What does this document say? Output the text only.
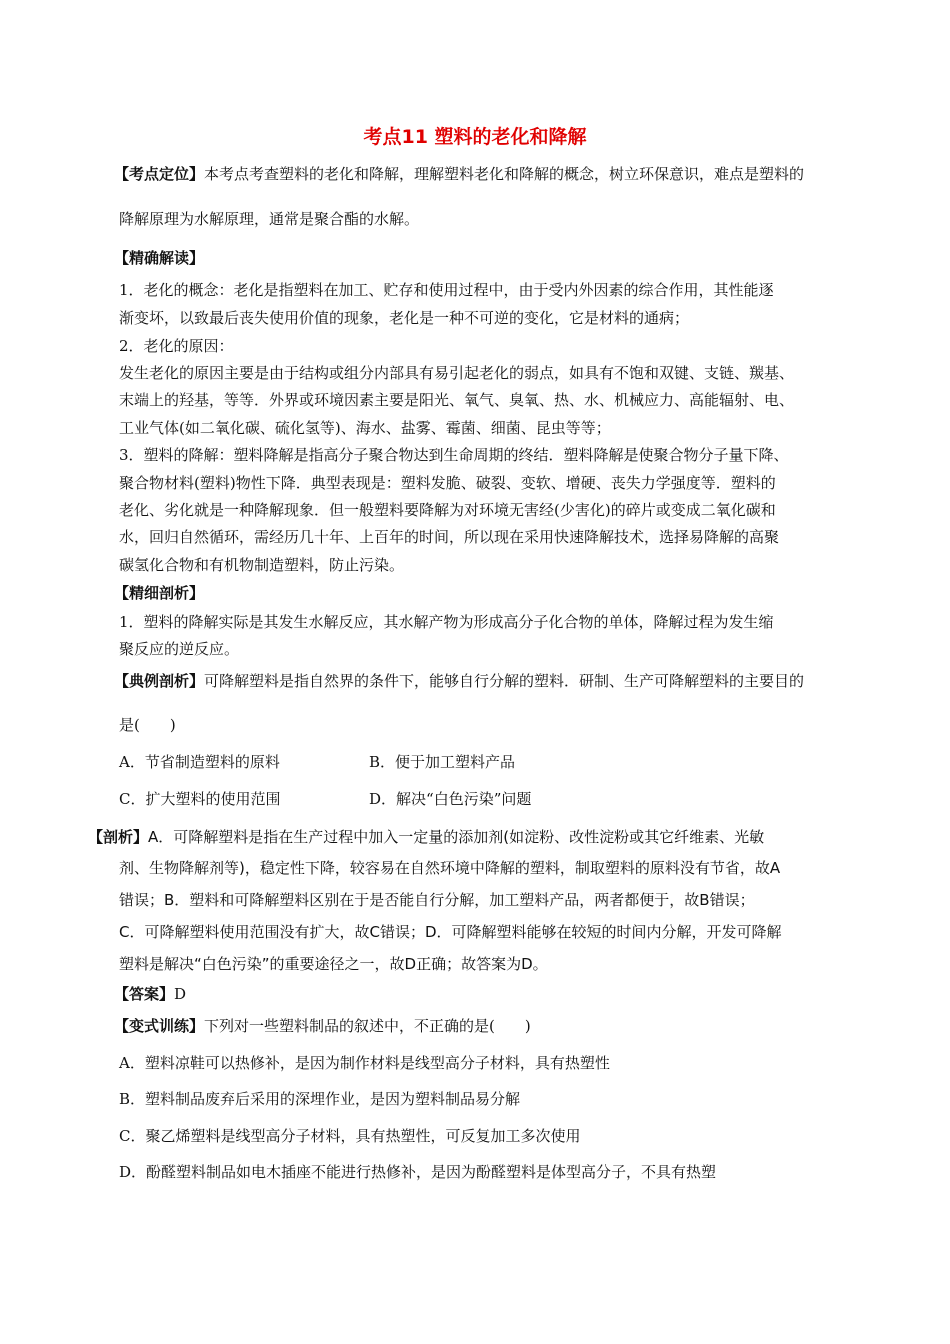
考点11 塑料的老化和降解
【考点定位】本考点考查塑料的老化和降解，理解塑料老化和降解的概念，树立环保意识，难点是塑料的
降解原理为水解原理，通常是聚合酯的水解。
【精确解读】
1．老化的概念：老化是指塑料在加工、贮存和使用过程中，由于受内外因素的综合作用，其性能逐
渐变坏，以致最后丧失使用价值的现象，老化是一种不可逆的变化，它是材料的通病；
2．老化的原因：
发生老化的原因主要是由于结构或组分内部具有易引起老化的弱点，如具有不饱和双键、支链、羰基、
末端上的羟基，等等．外界或环境因素主要是阳光、氧气、臭氧、热、水、机械应力、高能辐射、电、
工业气体(如二氧化碳、硫化氢等)、海水、盐雾、霉菌、细菌、昆虫等等；
3．塑料的降解：塑料降解是指高分子聚合物达到生命周期的终结．塑料降解是使聚合物分子量下降、
聚合物材料(塑料)物性下降．典型表现是：塑料发脆、破裂、变软、增硬、丧失力学强度等．塑料的
老化、劣化就是一种降解现象．但一般塑料要降解为对环境无害经(少害化)的碎片或变成二氧化碳和
水，回归自然循环，需经历几十年、上百年的时间，所以现在采用快速降解技术，选择易降解的高聚
碳氢化合物和有机物制造塑料，防止污染。
【精细剖析】
1．塑料的降解实际是其发生水解反应，其水解产物为形成高分子化合物的单体，降解过程为发生缩
聚反应的逆反应。
【典例剖析】可降解塑料是指自然界的条件下，能够自行分解的塑料．研制、生产可降解塑料的主要目的
是(　　)
A．节省制造塑料的原料	B．便于加工塑料产品
C．扩大塑料的使用范围	D．解决“白色污染”问题
【剖析】A．可降解塑料是指在生产过程中加入一定量的添加剂(如淀粉、改性淀粉或其它纤维素、光敏
剂、生物降解剂等)，稳定性下降，较容易在自然环境中降解的塑料，制取塑料的原料没有节省，故A
错误；B．塑料和可降解塑料区别在于是否能自行分解，加工塑料产品，两者都便于，故B错误；
C．可降解塑料使用范围没有扩大，故C错误；D．可降解塑料能够在较短的时间内分解，开发可降解
塑料是解决“白色污染”的重要途径之一，故D正确；故答案为D。
【答案】D
【变式训练】下列对一些塑料制品的叙述中，不正确的是(　　)
A．塑料凉鞋可以热修补，是因为制作材料是线型高分子材料，具有热塑性
B．塑料制品废弃后采用的深埋作业，是因为塑料制品易分解
C．聚乙烯塑料是线型高分子材料，具有热塑性，可反复加工多次使用
D．酚醛塑料制品如电木插座不能进行热修补，是因为酚醛塑料是体型高分子，不具有热塑
